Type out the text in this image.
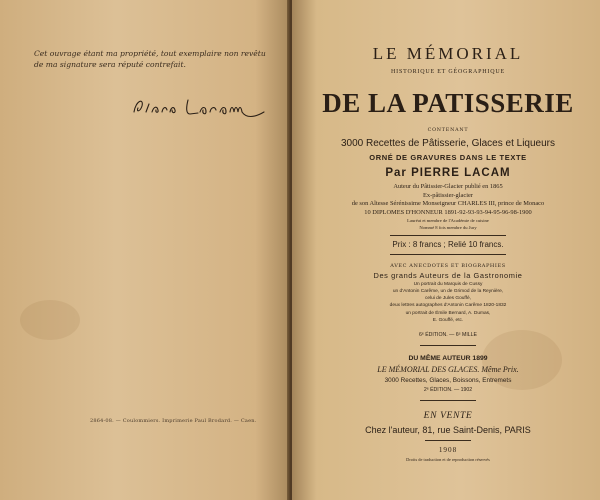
Cet ouvrage étant ma propriété, tout exemplaire non revêtu
de ma signature sera réputé contrefait.
2864-08. — Coulommiers. Imprimerie Paul Brodard. — Caen.
LE MÉMORIAL
HISTORIQUE ET GÉOGRAPHIQUE
DE LA PATISSERIE
CONTENANT
3000 Recettes de Pâtisserie, Glaces et Liqueurs
ORNÉ DE GRAVURES DANS LE TEXTE
Par PIERRE LACAM
Auteur du Pâtissier-Glacier publié en 1865
Ex-pâtissier-glacier
de son Altesse Sérénissime Monseigneur CHARLES III, prince de Monaco
10 DIPLOMES D'HONNEUR 1891-92-93-93-94-95-96-98-1900
Lauréat et membre de l'Académie de cuisine
Nommé 8 fois membre du Jury
Prix : 8 francs ; Relié 10 francs.
AVEC ANECDOTES ET BIOGRAPHIES
Des grands Auteurs de la Gastronomie
Un portrait du Marquis de Cussy
un d'Antonin Carême, un de Grimod de la Reynière,
celui de Jules Gouffé,
deux lettres autographes d'Antonin Carême 1820-1832
un portrait de Émile Bernard, A. Dumas,
E. Gouffé, etc.
6ᵉ ÉDITION. — 6ᵉ MILLE
DU MÊME AUTEUR 1899
LE MÉMORIAL DES GLACES. Même Prix.
3000 Recettes, Glaces, Boissons, Entremets
2ᵉ ÉDITION. — 1902
EN VENTE
Chez l'auteur, 81, rue Saint-Denis, PARIS
1908
Droits de traduction et de reproduction réservés
